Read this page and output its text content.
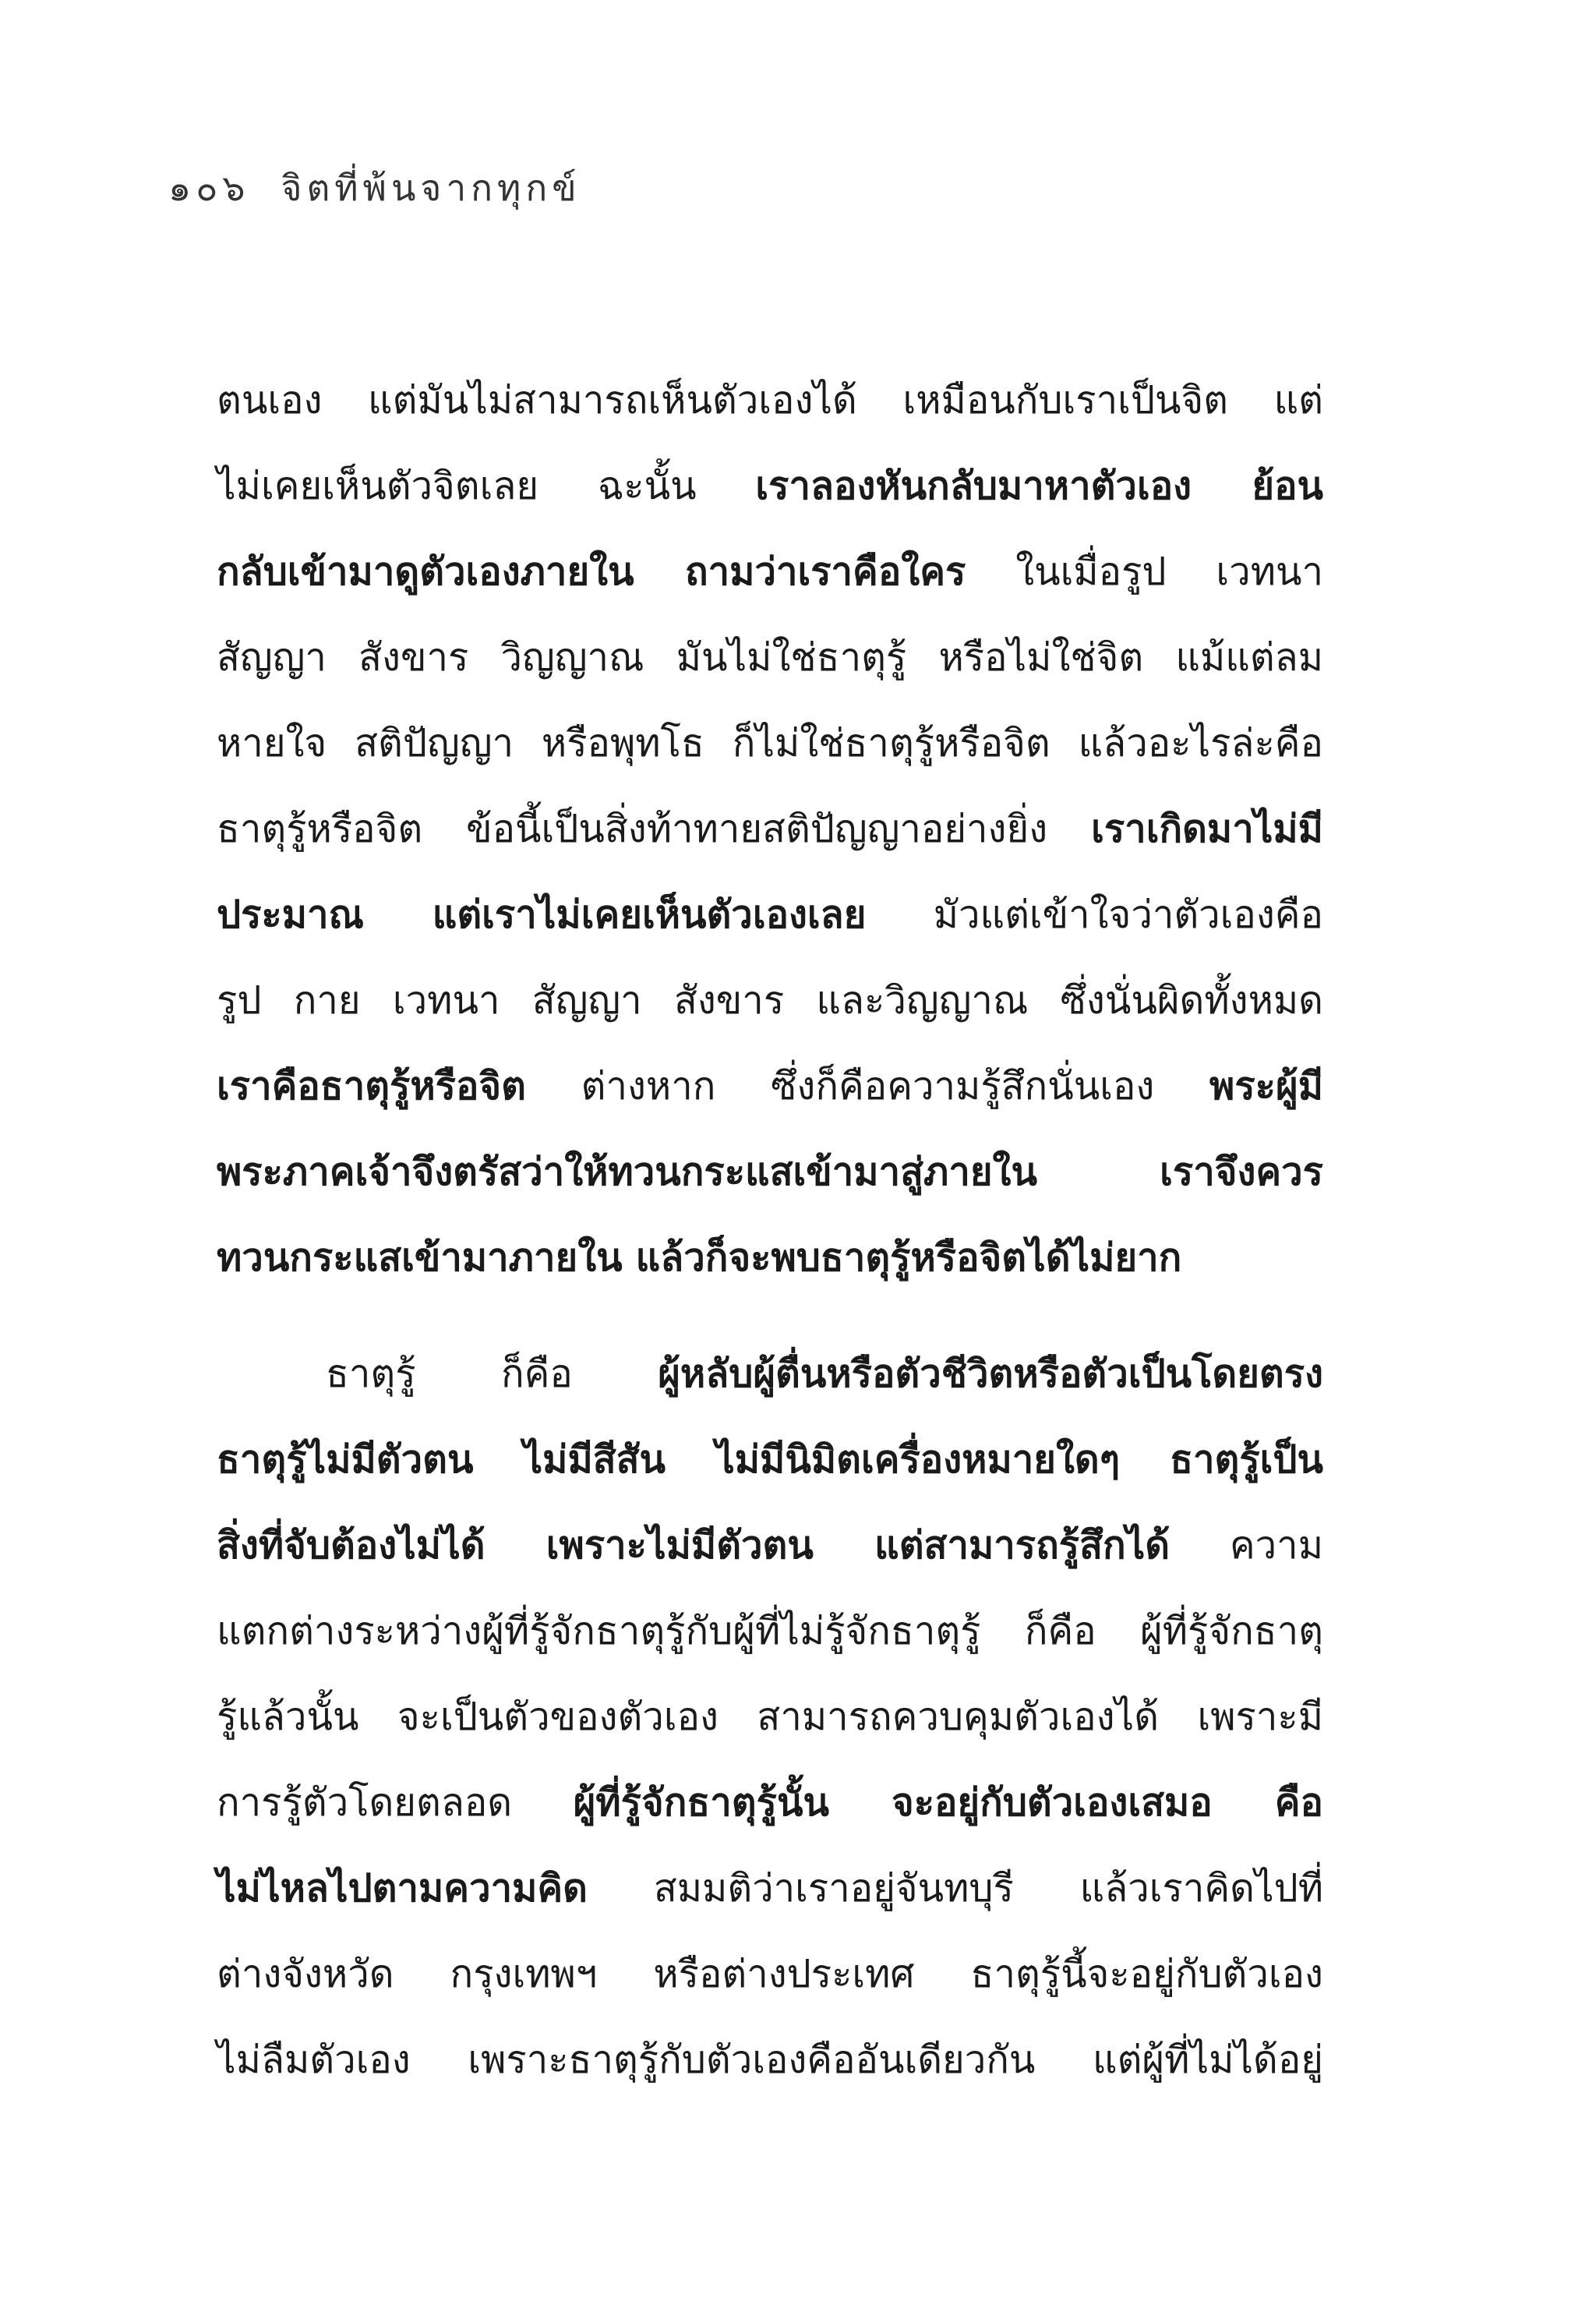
๑๐๖ จิตที่พ้นจากทุกข์
ตนเอง แต่มันไม่สามารถเห็นตัวเองได้ เหมือนกับเราเป็นจิต แต่
ไม่เคยเห็นตัวจิตเลย ฉะนั้น เราลองหันกลับมาหาตัวเอง ย้อน
กลับเข้ามาดูตัวเองภายใน ถามว่าเราคือใคร ในเมื่อรูป เวทนา
สัญญา สังขาร วิญญาณ มันไม่ใช่ธาตุรู้ หรือไม่ใช่จิต แม้แต่ลม
หายใจ สติปัญญา หรือพุทโธ ก็ไม่ใช่ธาตุรู้หรือจิต แล้วอะไรล่ะคือ
ธาตุรู้หรือจิต ข้อนี้เป็นสิ่งท้าทายสติปัญญาอย่างยิ่ง เราเกิดมาไม่มี
ประมาณ แต่เราไม่เคยเห็นตัวเองเลย มัวแต่เข้าใจว่าตัวเองคือ
รูป กาย เวทนา สัญญา สังขาร และวิญญาณ ซึ่งนั่นผิดทั้งหมด
เราคือธาตุรู้หรือจิต ต่างหาก ซึ่งก็คือความรู้สึกนั่นเอง พระผู้มี
พระภาคเจ้าจึงตรัสว่าให้ทวนกระแสเข้ามาสู่ภายใน เราจึงควร
ทวนกระแสเข้ามาภายใน แล้วก็จะพบธาตุรู้หรือจิตได้ไม่ยาก
ธาตุรู้ ก็คือ ผู้หลับผู้ตื่นหรือตัวชีวิตหรือตัวเป็นโดยตรง
ธาตุรู้ไม่มีตัวตน ไม่มีสีสัน ไม่มีนิมิตเครื่องหมายใดๆ ธาตุรู้เป็น
สิ่งที่จับต้องไม่ได้ เพราะไม่มีตัวตน แต่สามารถรู้สึกได้ ความ
แตกต่างระหว่างผู้ที่รู้จักธาตุรู้กับผู้ที่ไม่รู้จักธาตุรู้ ก็คือ ผู้ที่รู้จักธาตุ
รู้แล้วนั้น จะเป็นตัวของตัวเอง สามารถควบคุมตัวเองได้ เพราะมี
การรู้ตัวโดยตลอด ผู้ที่รู้จักธาตุรู้นั้น จะอยู่กับตัวเองเสมอ คือ
ไม่ไหลไปตามความคิด สมมติว่าเราอยู่จันทบุรี แล้วเราคิดไปที่
ต่างจังหวัด กรุงเทพฯ หรือต่างประเทศ ธาตุรู้นี้จะอยู่กับตัวเอง
ไม่ลืมตัวเอง เพราะธาตุรู้กับตัวเองคืออันเดียวกัน แต่ผู้ที่ไม่ได้อยู่
